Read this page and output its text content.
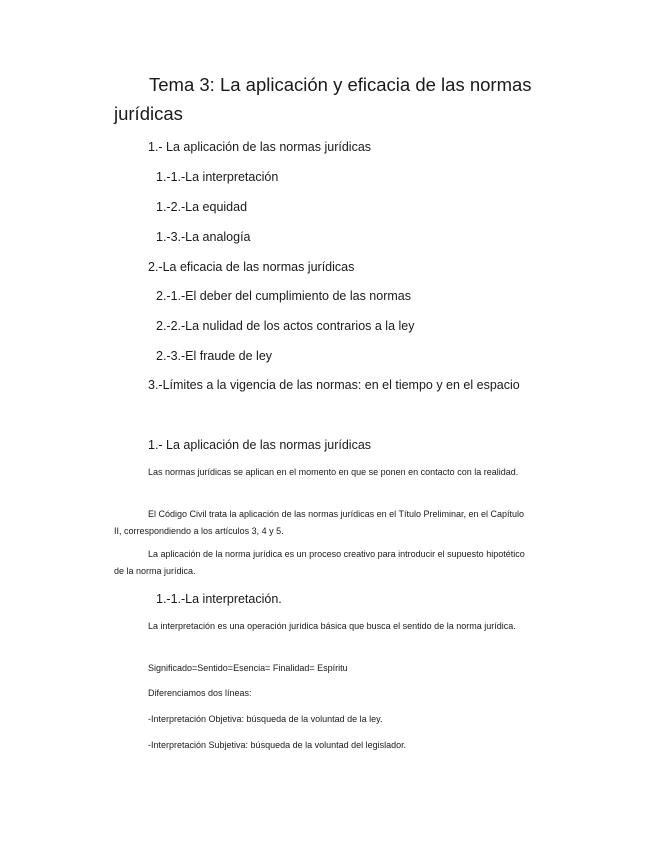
Tema 3: La aplicación y eficacia de las normas jurídicas
1.- La aplicación de las normas jurídicas
1.-1.-La interpretación
1.-2.-La equidad
1.-3.-La analogía
2.-La eficacia de las normas jurídicas
2.-1.-El deber del cumplimiento de las normas
2.-2.-La nulidad de los actos contrarios a la ley
2.-3.-El fraude de ley
3.-Límites a la vigencia de las normas: en el tiempo y en el espacio
1.- La aplicación de las normas jurídicas

Las normas jurídicas se aplican en el momento en que se ponen en contacto con la realidad.

El Código Civil trata la aplicación de las normas jurídicas en el Título Preliminar, en el Capítulo II, correspondiendo a los artículos 3, 4 y 5.

La aplicación de la norma jurídica es un proceso creativo para introducir el supuesto hipotético de la norma jurídica.

1.-1.-La interpretación.

La interpretación es una operación jurídica básica que busca el sentido de la norma jurídica.

Significado=Sentido=Esencia= Finalidad= Espíritu
Diferenciamos dos líneas:
-Interpretación Objetiva: búsqueda de la voluntad de la ley.
-Interpretación Subjetiva: búsqueda de la voluntad del legislador.
